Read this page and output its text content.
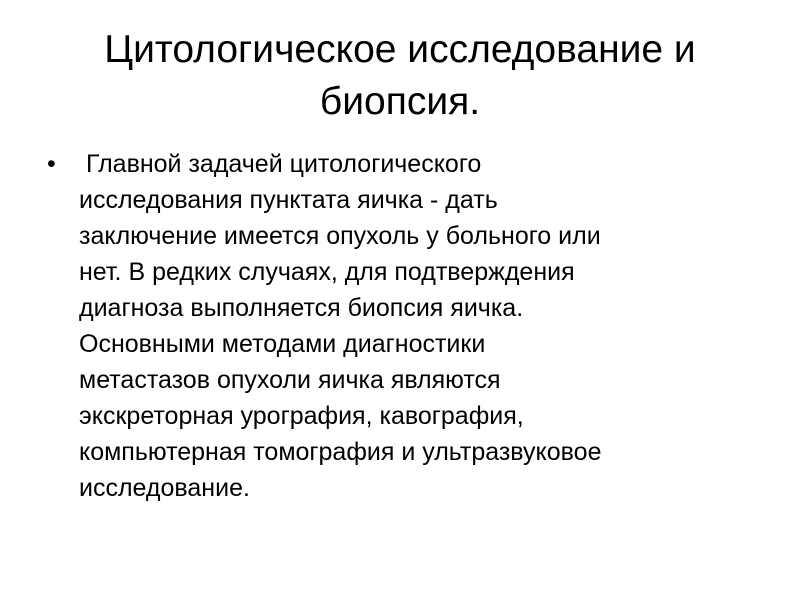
Цитологическое исследование и
биопсия.
• Главной задачей цитологического
исследования пунктата яичка - дать
заключение имеется опухоль у больного или
нет. В редких случаях, для подтверждения
диагноза выполняется биопсия яичка.
Основными методами диагностики
метастазов опухоли яичка являются
экскреторная урография, кавография,
компьютерная томография и ультразвуковое
исследование.
